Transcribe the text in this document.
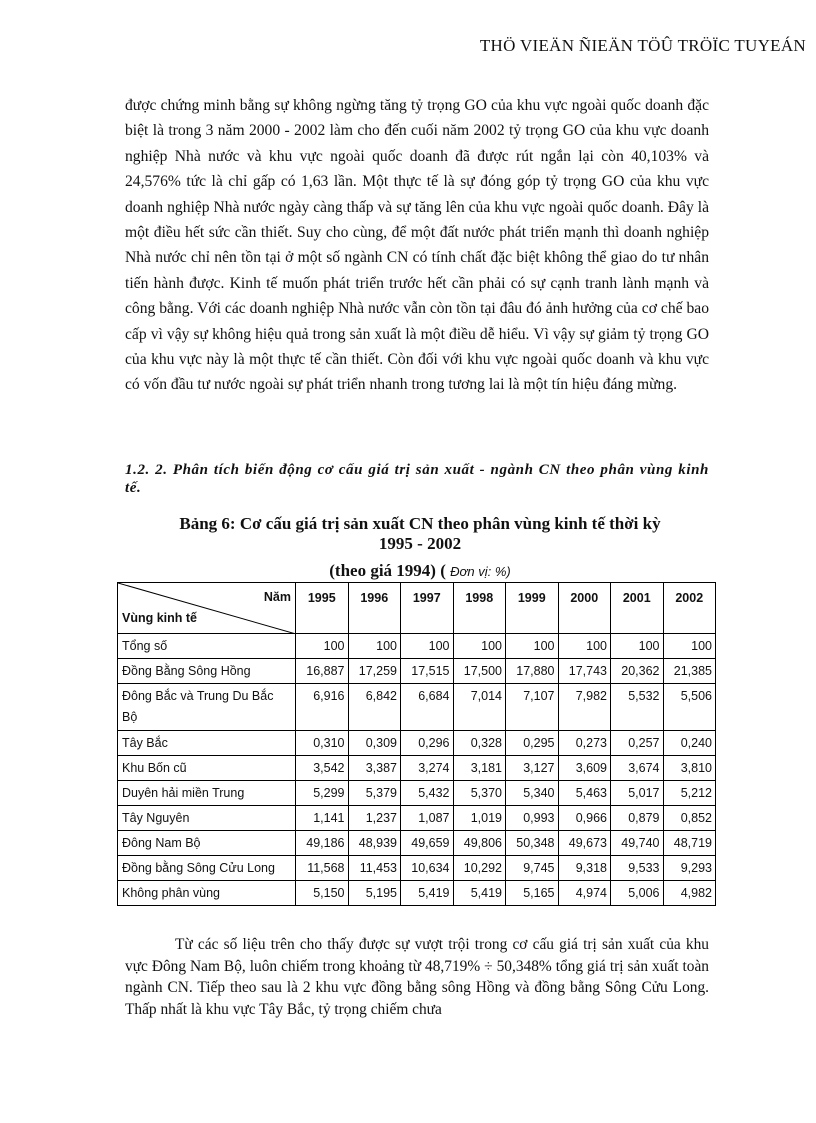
THÖ VIEÄN ÑIEÄN TÖÛ TRÖÏC TUYEÁN

được chứng minh bằng sự không ngừng tăng tỷ trọng GO của khu vực ngoài quốc doanh đặc biệt là trong 3 năm 2000 - 2002 làm cho đến cuối năm 2002 tỷ trọng GO của khu vực doanh nghiệp Nhà nước và khu vực ngoài quốc doanh đã được rút ngắn lại còn 40,103% và 24,576% tức là chỉ gấp có 1,63 lần. Một thực tế là sự đóng góp tỷ trọng GO của khu vực doanh nghiệp Nhà nước ngày càng thấp và sự tăng lên của khu vực ngoài quốc doanh. Đây là một điều hết sức cần thiết. Suy cho cùng, để một đất nước phát triển mạnh thì doanh nghiệp Nhà nước chỉ nên tồn tại ở một số ngành CN có tính chất đặc biệt không thể giao do tư nhân tiến hành được. Kinh tế muốn phát triển trước hết cần phải có sự cạnh tranh lành mạnh và công bằng. Với các doanh nghiệp Nhà nước vẫn còn tồn tại đâu đó ảnh hưởng của cơ chế bao cấp vì vậy sự không hiệu quả trong sản xuất là một điều dễ hiểu. Vì vậy sự giảm tỷ trọng GO của khu vực này là một thực tế cần thiết. Còn đối với khu vực ngoài quốc doanh và khu vực có vốn đầu tư nước ngoài sự phát triển nhanh trong tương lai là một tín hiệu đáng mừng.

1.2. 2. Phân tích biến động cơ cấu giá trị sản xuất - ngành CN theo phân vùng kinh tế.

Bảng 6: Cơ cấu giá trị sản xuất CN theo phân vùng kinh tế thời kỳ
1995 - 2002
(theo giá 1994) ( Đơn vị: %)
Năm
Vùng kinh tế	1995	1996	1997	1998	1999	2000	2001	2002
Tổng số	100	100	100	100	100	100	100	100
Đồng Bằng Sông Hồng	16,887	17,259	17,515	17,500	17,880	17,743	20,362	21,385
Đông Bắc và Trung Du Bắc Bộ	6,916	6,842	6,684	7,014	7,107	7,982	5,532	5,506
Tây Bắc	0,310	0,309	0,296	0,328	0,295	0,273	0,257	0,240
Khu Bốn cũ	3,542	3,387	3,274	3,181	3,127	3,609	3,674	3,810
Duyên hải miền Trung	5,299	5,379	5,432	5,370	5,340	5,463	5,017	5,212
Tây Nguyên	1,141	1,237	1,087	1,019	0,993	0,966	0,879	0,852
Đông Nam Bộ	49,186	48,939	49,659	49,806	50,348	49,673	49,740	48,719
Đồng bằng Sông Cửu Long	11,568	11,453	10,634	10,292	9,745	9,318	9,533	9,293
Không phân vùng	5,150	5,195	5,419	5,419	5,165	4,974	5,006	4,982

Từ các số liệu trên cho thấy được sự vượt trội trong cơ cấu giá trị sản xuất của khu vực Đông Nam Bộ, luôn chiếm trong khoảng từ 48,719% ÷ 50,348% tổng giá trị sản xuất toàn ngành CN. Tiếp theo sau là 2 khu vực đồng bằng sông Hồng và đồng bằng Sông Cửu Long. Thấp nhất là khu vực Tây Bắc, tỷ trọng chiếm chưa
